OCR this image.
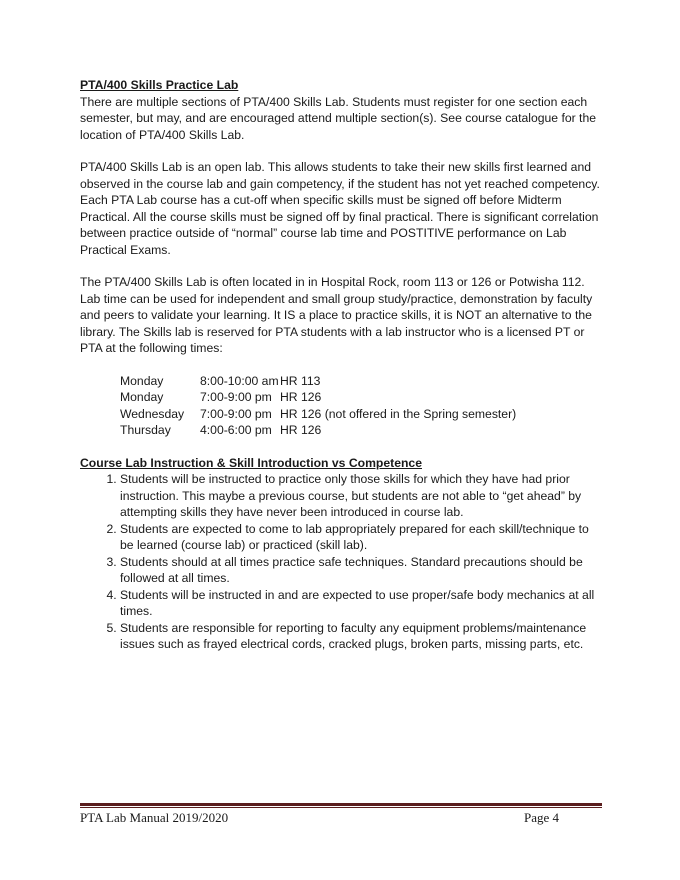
PTA/400 Skills Practice Lab

There are multiple sections of PTA/400 Skills Lab. Students must register for one section each semester, but may, and are encouraged attend multiple section(s). See course catalogue for the location of PTA/400 Skills Lab.

PTA/400 Skills Lab is an open lab. This allows students to take their new skills first learned and observed in the course lab and gain competency, if the student has not yet reached competency. Each PTA Lab course has a cut-off when specific skills must be signed off before Midterm Practical. All the course skills must be signed off by final practical. There is significant correlation between practice outside of “normal” course lab time and POSTITIVE performance on Lab Practical Exams.

The PTA/400 Skills Lab is often located in in Hospital Rock, room 113 or 126 or Potwisha 112. Lab time can be used for independent and small group study/practice, demonstration by faculty and peers to validate your learning. It IS a place to practice skills, it is NOT an alternative to the library. The Skills lab is reserved for PTA students with a lab instructor who is a licensed PT or PTA at the following times:

Monday	8:00-10:00 am	HR 113
Monday	7:00-9:00 pm	HR 126
Wednesday	7:00-9:00 pm	HR 126 (not offered in the Spring semester)
Thursday	4:00-6:00 pm	HR 126

Course Lab Instruction & Skill Introduction vs Competence

1. Students will be instructed to practice only those skills for which they have had prior instruction. This maybe a previous course, but students are not able to “get ahead” by attempting skills they have never been introduced in course lab.
2. Students are expected to come to lab appropriately prepared for each skill/technique to be learned (course lab) or practiced (skill lab).
3. Students should at all times practice safe techniques. Standard precautions should be followed at all times.
4. Students will be instructed in and are expected to use proper/safe body mechanics at all times.
5. Students are responsible for reporting to faculty any equipment problems/maintenance issues such as frayed electrical cords, cracked plugs, broken parts, missing parts, etc.
PTA Lab Manual 2019/2020	Page 4
